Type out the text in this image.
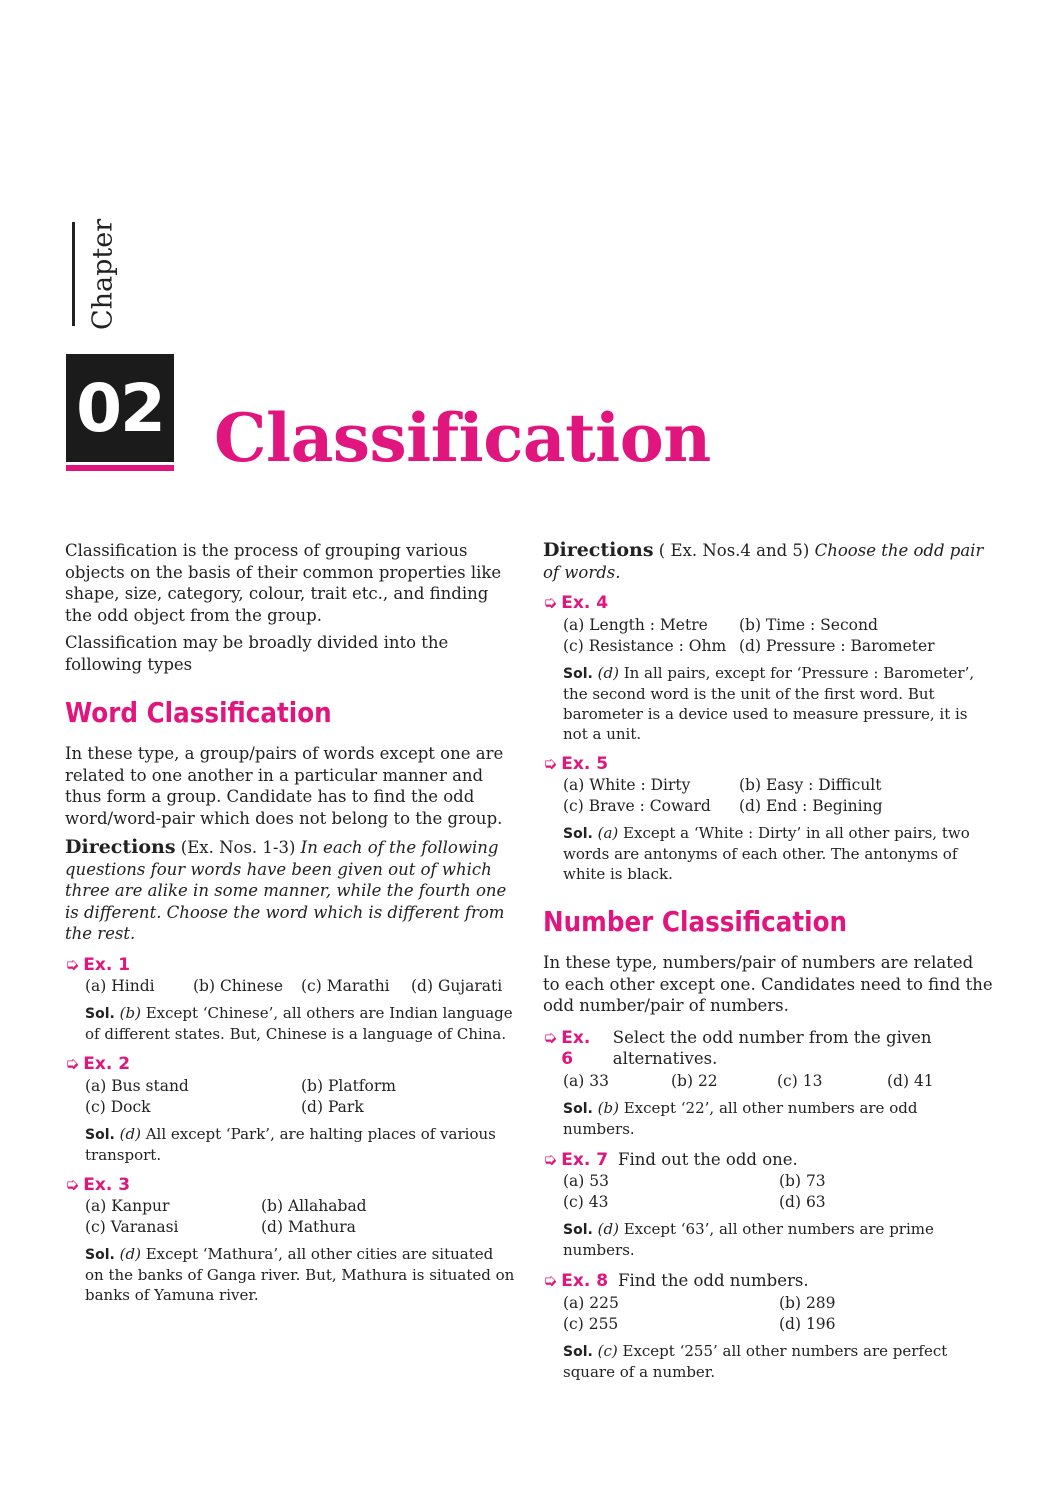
Chapter
02 Classification

Classification is the process of grouping various objects on the basis of their common properties like shape, size, category, colour, trait etc., and finding the odd object from the group.

Classification may be broadly divided into the following types

Word Classification

In these type, a group/pairs of words except one are related to one another in a particular manner and thus form a group. Candidate has to find the odd word/word-pair which does not belong to the group.

Directions (Ex. Nos. 1-3) In each of the following questions four words have been given out of which three are alike in some manner, while the fourth one is different. Choose the word which is different from the rest.
➭ Ex. 1
(a) Hindi	(b) Chinese	(c) Marathi	(d) Gujarati
Sol. (b) Except ‘Chinese’, all others are Indian language of different states. But, Chinese is a language of China.
➭ Ex. 2
(a) Bus stand	(b) Platform
(c) Dock	(d) Park
Sol. (d) All except ‘Park’, are halting places of various transport.
➭ Ex. 3
(a) Kanpur	(b) Allahabad
(c) Varanasi	(d) Mathura
Sol. (d) Except ‘Mathura’, all other cities are situated on the banks of Ganga river. But, Mathura is situated on banks of Yamuna river.
Directions ( Ex. Nos.4 and 5) Choose the odd pair of words.
➭ Ex. 4
(a) Length : Metre	(b) Time : Second
(c) Resistance : Ohm (d) Pressure : Barometer
Sol. (d) In all pairs, except for ‘Pressure : Barometer’, the second word is the unit of the first word. But barometer is a device used to measure pressure, it is not a unit.
➭ Ex. 5
(a) White : Dirty	(b) Easy : Difficult
(c) Brave : Coward	(d) End : Begining
Sol. (a) Except a ‘White : Dirty’ in all other pairs, two words are antonyms of each other. The antonyms of white is black.
Number Classification

In these type, numbers/pair of numbers are related to each other except one. Candidates need to find the odd number/pair of numbers.

➭ Ex. 6
Select the odd number from the given alternatives.
(a) 33	(b) 22	(c) 13	(d) 41
Sol. (b) Except ‘22’, all other numbers are odd numbers.
➭ Ex. 7 Find out the odd one.
(a) 53	(b) 73
(c) 43	(d) 63
Sol. (d) Except ‘63’, all other numbers are prime numbers.
➭ Ex. 8 Find the odd numbers.
(a) 225	(b) 289
(c) 255	(d) 196
Sol. (c) Except ‘255’ all other numbers are perfect square of a number.
